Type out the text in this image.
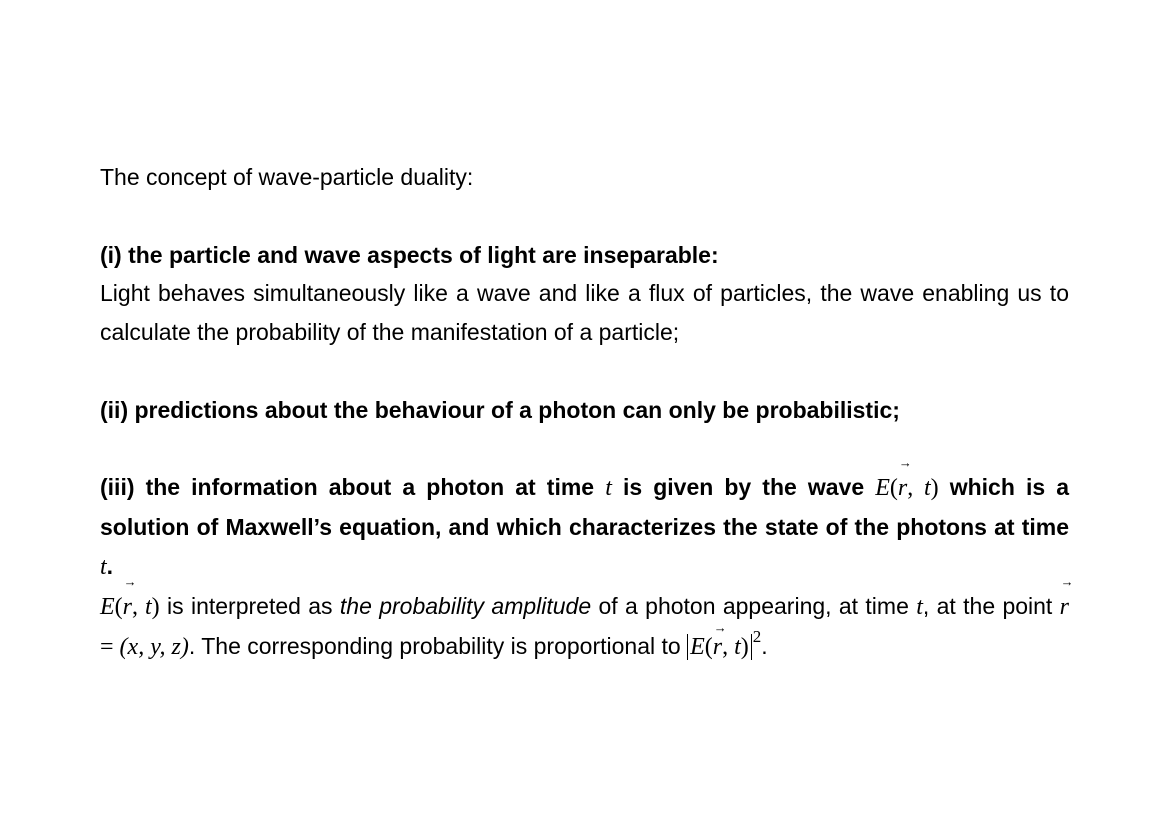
The concept of wave-particle duality:

(i) the particle and wave aspects of light are inseparable:

Light behaves simultaneously like a wave and like a flux of particles, the wave enabling us to calculate the probability of the manifestation of a particle;

(ii) predictions about the behaviour of a photon can only be probabilistic;

(iii) the information about a photon at time t is given by the wave E(r →, t) which is a solution of Maxwell’s equation, and which characterizes the state of the photons at time t.

E(r →, t) is interpreted as the probability amplitude of a photon appearing, at time t, at the point r → = (x, y, z). The corresponding probability is proportional to E(r →, t) $^2$.
